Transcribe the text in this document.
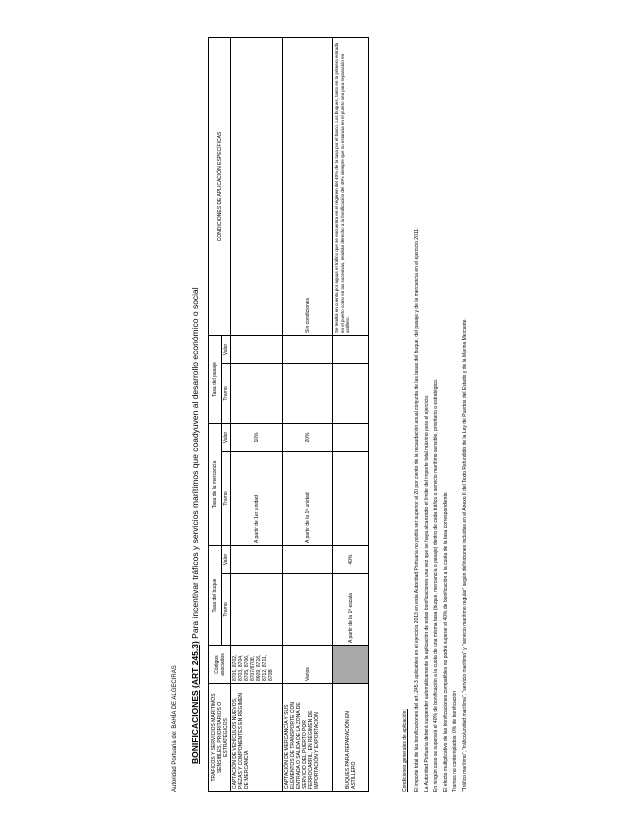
Autoridad Portuaria de: BAHÍA DE ALGECIRAS BONIFICACIONES (ART 245.3) Para incentivar tráficos y servicios marítimos que coadyuven al desarrollo económico o social
TRÁFICOS Y SERVICIOS MARÍTIMOS SENSIBLES, PRIORITARIOS O ESTRATÉGICOS	Códigos asociados	Tasa del buque		Tasa de la mercancía		Tasa del pasaje		CONDICIONES DE APLICACIÓN ESPECÍFICAS
		Tramo	Valor	Tramo	Valor	Tramo	Valor	
CAPTACIÓN DE VEHÍCULOS NUEVOS, PIEZAS Y COMPONENTES EN RÉGIMEN DE MERCANCÍA	8701, 8702, 8703, 8704, 8705, 8706, 8707/8708, 8609, 8716, 8712, 8711, 870B			A partir de 1er unidad	10%			
CAPTACIÓN DE MERCANCÍA Y SUS ELEMENTOS DE TRANSPORTE CON ENTRADA O SALIDA DE LA ZONA DE SERVICIO DEL PUERTO POR FERROCARRIL, EN RÉGIMEN DE IMPORTACIÓN Y EXPORTACIÓN	Varios			A partir de la 1ª unidad	20%			Sin condiciones
BUQUES PARA REPARACIÓN EN ASTILLERO		A partir de la 1ª escala	40%					Se tendrá en cuenta por aguas el tráfico que se encuentra en el régimen del 40% de la tasa por el barco. Los buques, tanto en la primera entrada en el puerto como en las sucesivas, tendrán derecho a la bonificación del 40% siempre que su estancia en el puerto sea para reparación en astillero.
Condiciones generales de aplicación: El importe total de las bonificaciones del art. 245.3 aplicables en el ejercicio 2013 en esta Autoridad Portuaria no podrá ser superior al 20 por ciento de la recaudación anual conjunta de las tasas del buque, del pasaje y de la mercancía en el ejercicio 2011. La Autoridad Portuaria deberá suspender automáticamente la aplicación de estas bonificaciones una vez que se haya alcanzado el límite del importe total máximo para el ejercicio. En ningún caso se superará el 40% de bonificación a la cuota de una misma tasa (buque, mercancía o pasaje) dentro de cada tráfico o servicio marítimo sensible, prioritario o estratégico. El efecto multiplicativo de las bonificaciones compatibles no podrá superar el 40% de bonificación a la cuota de la tasa correspondiente. Tramos no contemplados: 0% de bonificación "Tráfico marítimo", "tráfico/unidad marítima", "servicio marítimo" y "servicio marítimo regular" según definiciones incluidas en el Anexo II del Texto Refundido de la Ley de Puertos del Estado y de la Marina Mercante.
